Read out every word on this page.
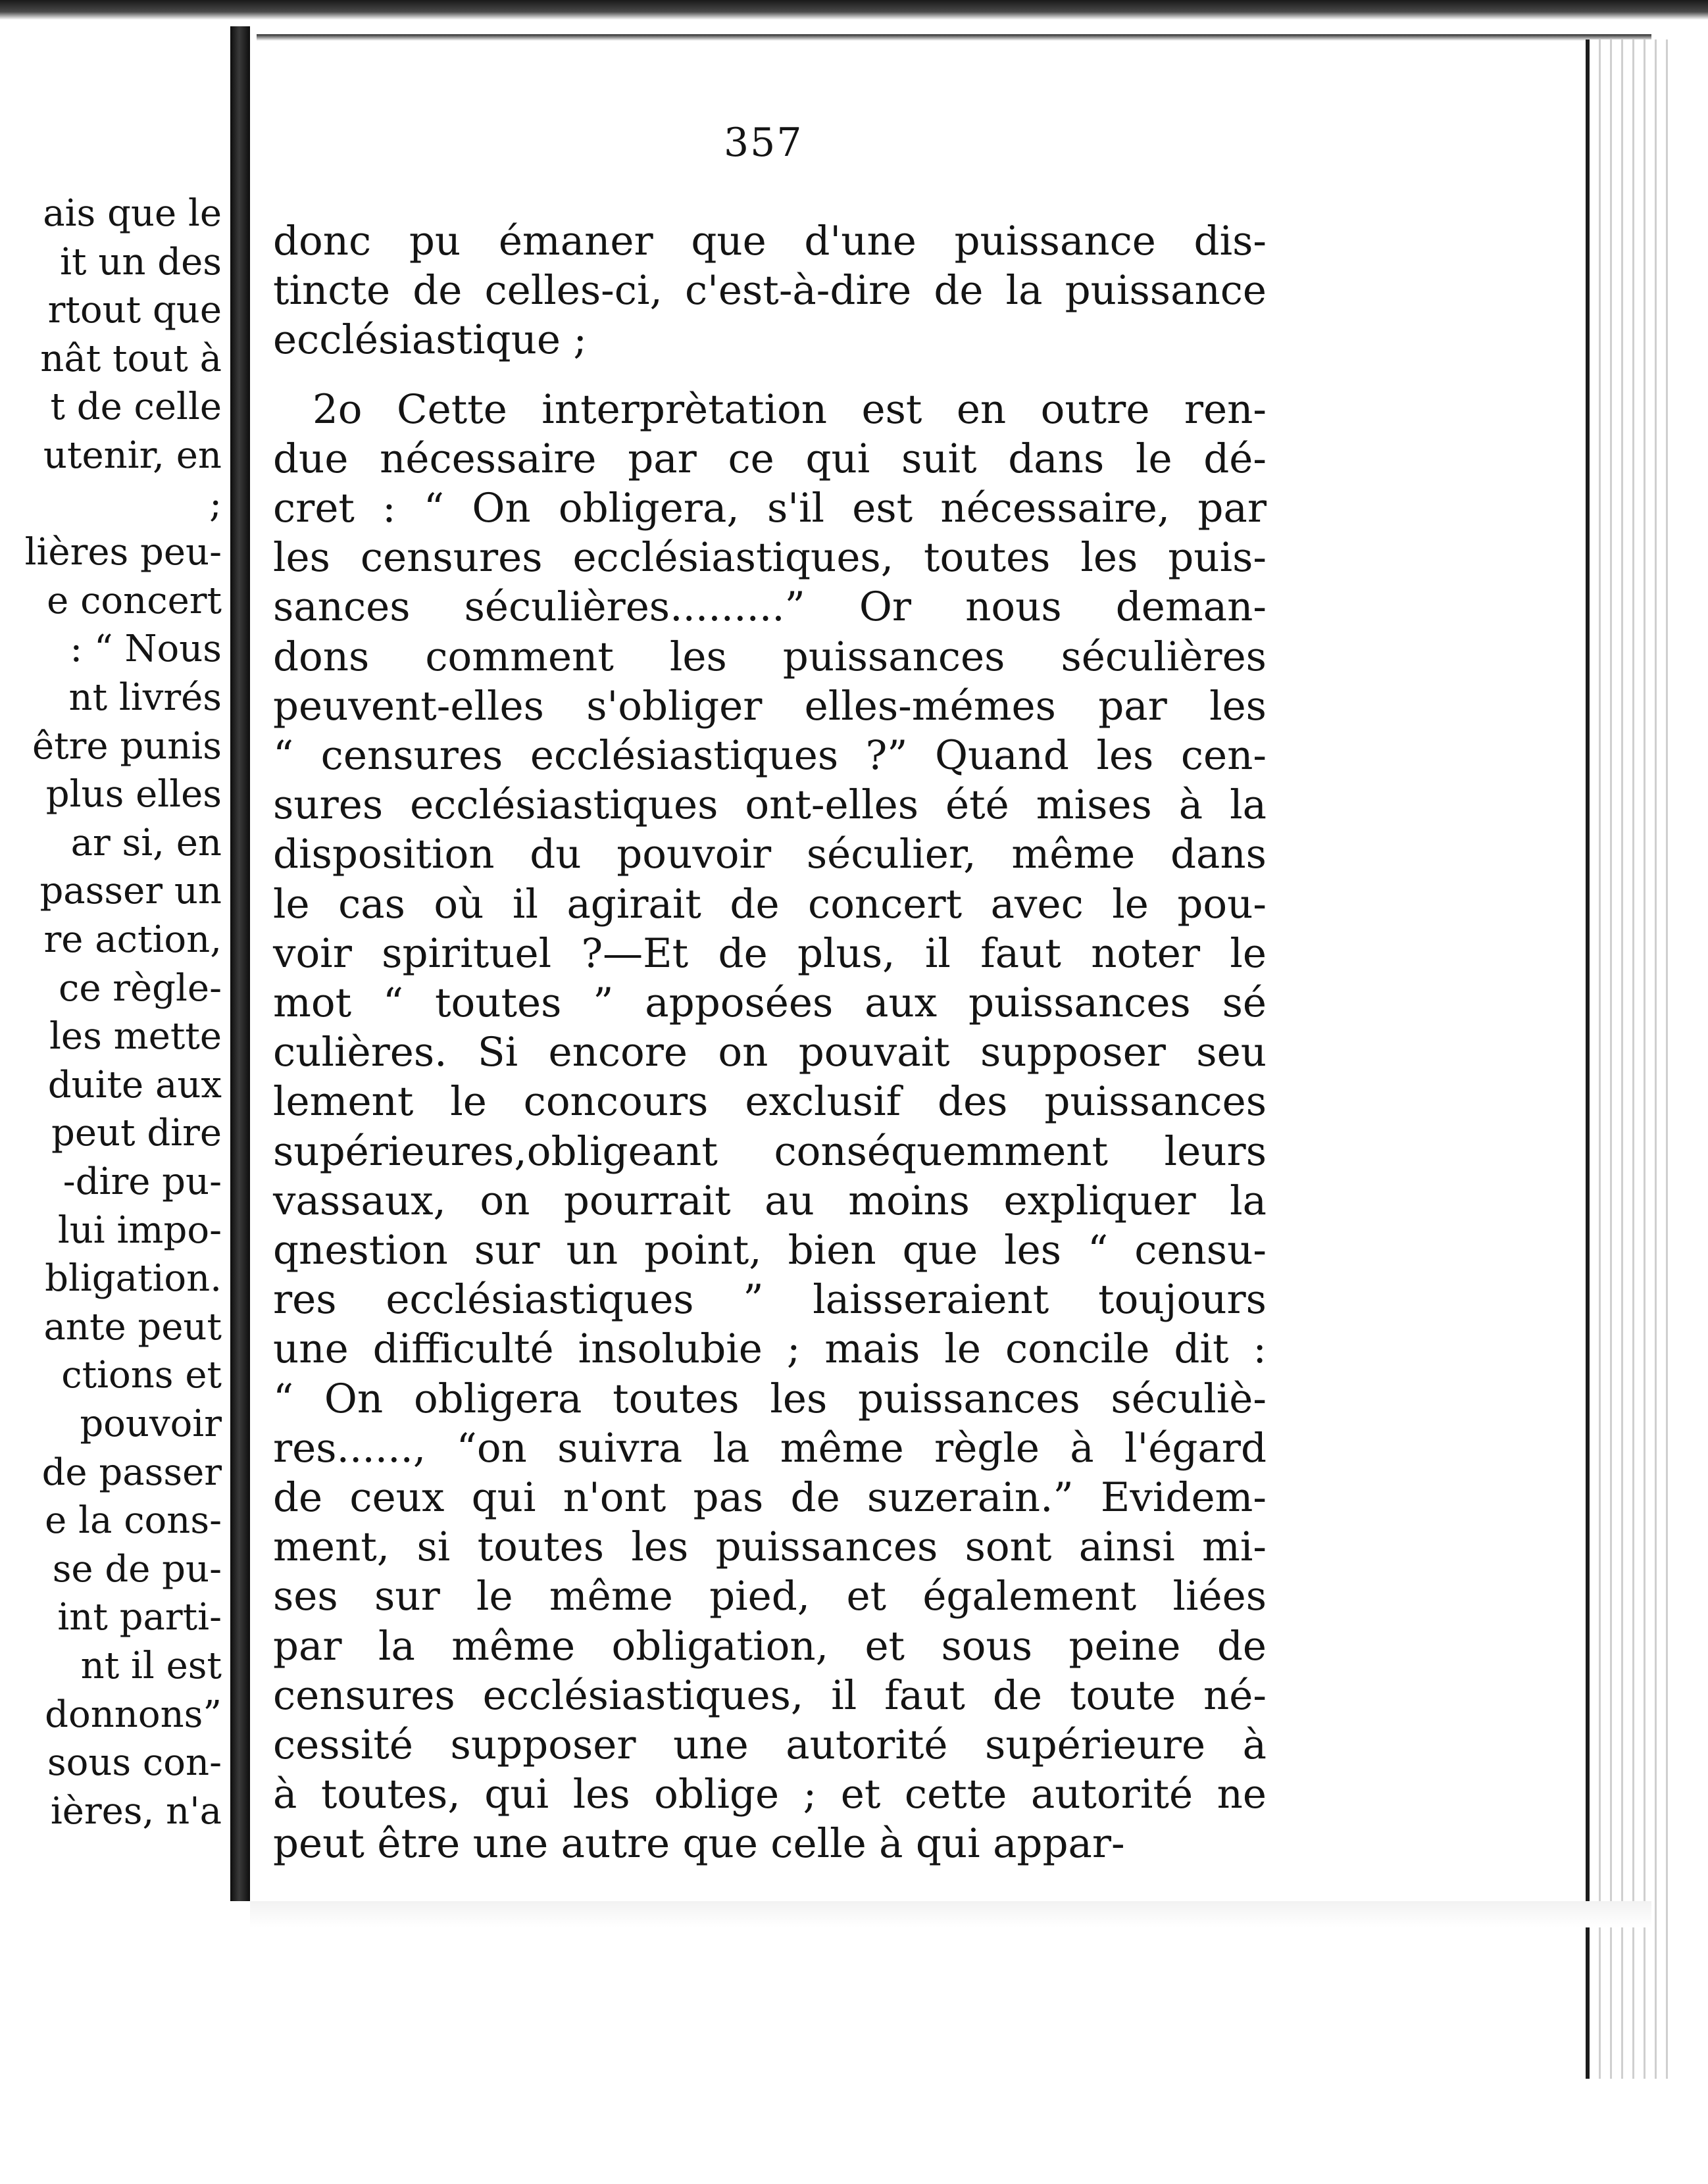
ais que le
it un des
rtout que
nât tout à
t de celle
utenir, en
;
lières peu-
e concert
: “ Nous
nt livrés
être punis
plus elles
ar si, en
passer un
re action,
ce règle-
les mette
duite aux
peut dire
-dire pu-
lui impo-
bligation.
ante peut
ctions et
pouvoir
de passer
e la cons-
se de pu-
int parti-
nt il est
donnons”
sous con-
ières, n'a
357
donc pu émaner que d'une puissance dis-
tincte de celles-ci, c'est-à-dire de la puissance
ecclésiastique ;
2o Cette interprètation est en outre ren-
due nécessaire par ce qui suit dans le dé-
cret : “ On obligera, s'il est nécessaire, par
les censures ecclésiastiques, toutes les puis-
sances séculières.........” Or nous deman-
dons comment les puissances séculières
peuvent-elles s'obliger elles-mémes par les
“ censures ecclésiastiques ?” Quand les cen-
sures ecclésiastiques ont-elles été mises à la
disposition du pouvoir séculier, même dans
le cas où il agirait de concert avec le pou-
voir spirituel ?—Et de plus, il faut noter le
mot “ toutes ” apposées aux puissances sé
culières. Si encore on pouvait supposer seu
lement le concours exclusif des puissances
supérieures,obligeant conséquemment leurs
vassaux, on pourrait au moins expliquer la
qnestion sur un point, bien que les “ censu-
res ecclésiastiques ” laisseraient toujours
une difficulté insolubie ; mais le concile dit :
“ On obligera toutes les puissances séculiè-
res......, “on suivra la même règle à l'égard
de ceux qui n'ont pas de suzerain.” Evidem-
ment, si toutes les puissances sont ainsi mi-
ses sur le même pied, et également liées
par la même obligation, et sous peine de
censures ecclésiastiques, il faut de toute né-
cessité supposer une autorité supérieure à
à toutes, qui les oblige ; et cette autorité ne
peut être une autre que celle à qui appar-
